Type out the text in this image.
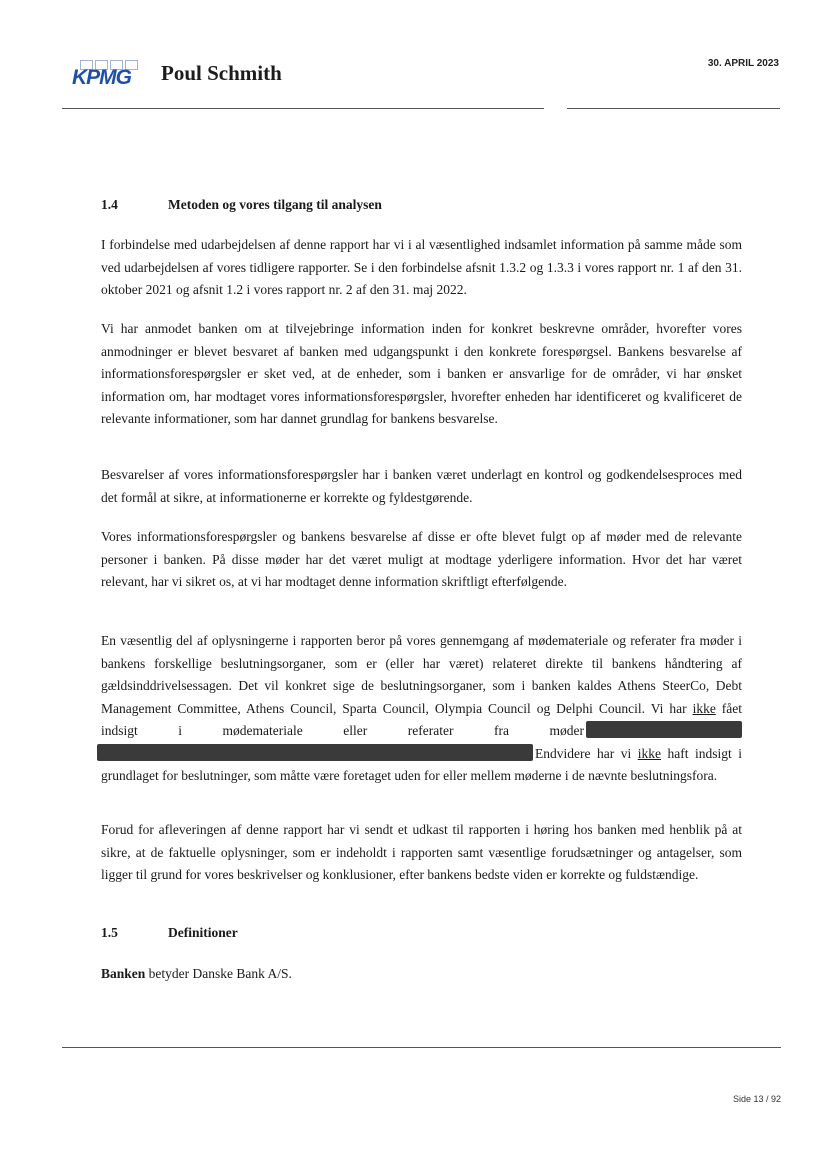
KPMG Poul Schmith	30. APRIL 2023
1.4	Metoden og vores tilgang til analysen
I forbindelse med udarbejdelsen af denne rapport har vi i al væsentlighed indsamlet information på samme måde som ved udarbejdelsen af vores tidligere rapporter. Se i den forbindelse afsnit 1.3.2 og 1.3.3 i vores rapport nr. 1 af den 31. oktober 2021 og afsnit 1.2 i vores rapport nr. 2 af den 31. maj 2022.
Vi har anmodet banken om at tilvejebringe information inden for konkret beskrevne områder, hvorefter vores anmodninger er blevet besvaret af banken med udgangspunkt i den konkrete forespørgsel. Bankens besvarelse af informationsforespørgsler er sket ved, at de enheder, som i banken er ansvarlige for de områder, vi har ønsket information om, har modtaget vores informationsforespørgsler, hvorefter enheden har identificeret og kvalificeret de relevante informationer, som har dannet grundlag for bankens besvarelse.
Besvarelser af vores informationsforespørgsler har i banken været underlagt en kontrol og godkendelsesproces med det formål at sikre, at informationerne er korrekte og fyldestgørende.
Vores informationsforespørgsler og bankens besvarelse af disse er ofte blevet fulgt op af møder med de relevante personer i banken. På disse møder har det været muligt at modtage yderligere information. Hvor det har været relevant, har vi sikret os, at vi har modtaget denne information skriftligt efterfølgende.
En væsentlig del af oplysningerne i rapporten beror på vores gennemgang af mødemateriale og referater fra møder i bankens forskellige beslutningsorganer, som er (eller har været) relateret direkte til bankens håndtering af gældsinddrivelsessagen. Det vil konkret sige de beslutningsorganer, som i banken kaldes Athens SteerCo, Debt Management Committee, Athens Council, Sparta Council, Olympia Council og Delphi Council. Vi har ikke fået indsigt i mødemateriale eller referater fra møder Endvidere har vi ikke haft indsigt i grundlaget for beslutninger, som måtte være foretaget uden for eller mellem møderne i de nævnte beslutningsfora.
Forud for afleveringen af denne rapport har vi sendt et udkast til rapporten i høring hos banken med henblik på at sikre, at de faktuelle oplysninger, som er indeholdt i rapporten samt væsentlige forudsætninger og antagelser, som ligger til grund for vores beskrivelser og konklusioner, efter bankens bedste viden er korrekte og fuldstændige.
1.5	Definitioner
Banken betyder Danske Bank A/S.
Side 13 / 92
